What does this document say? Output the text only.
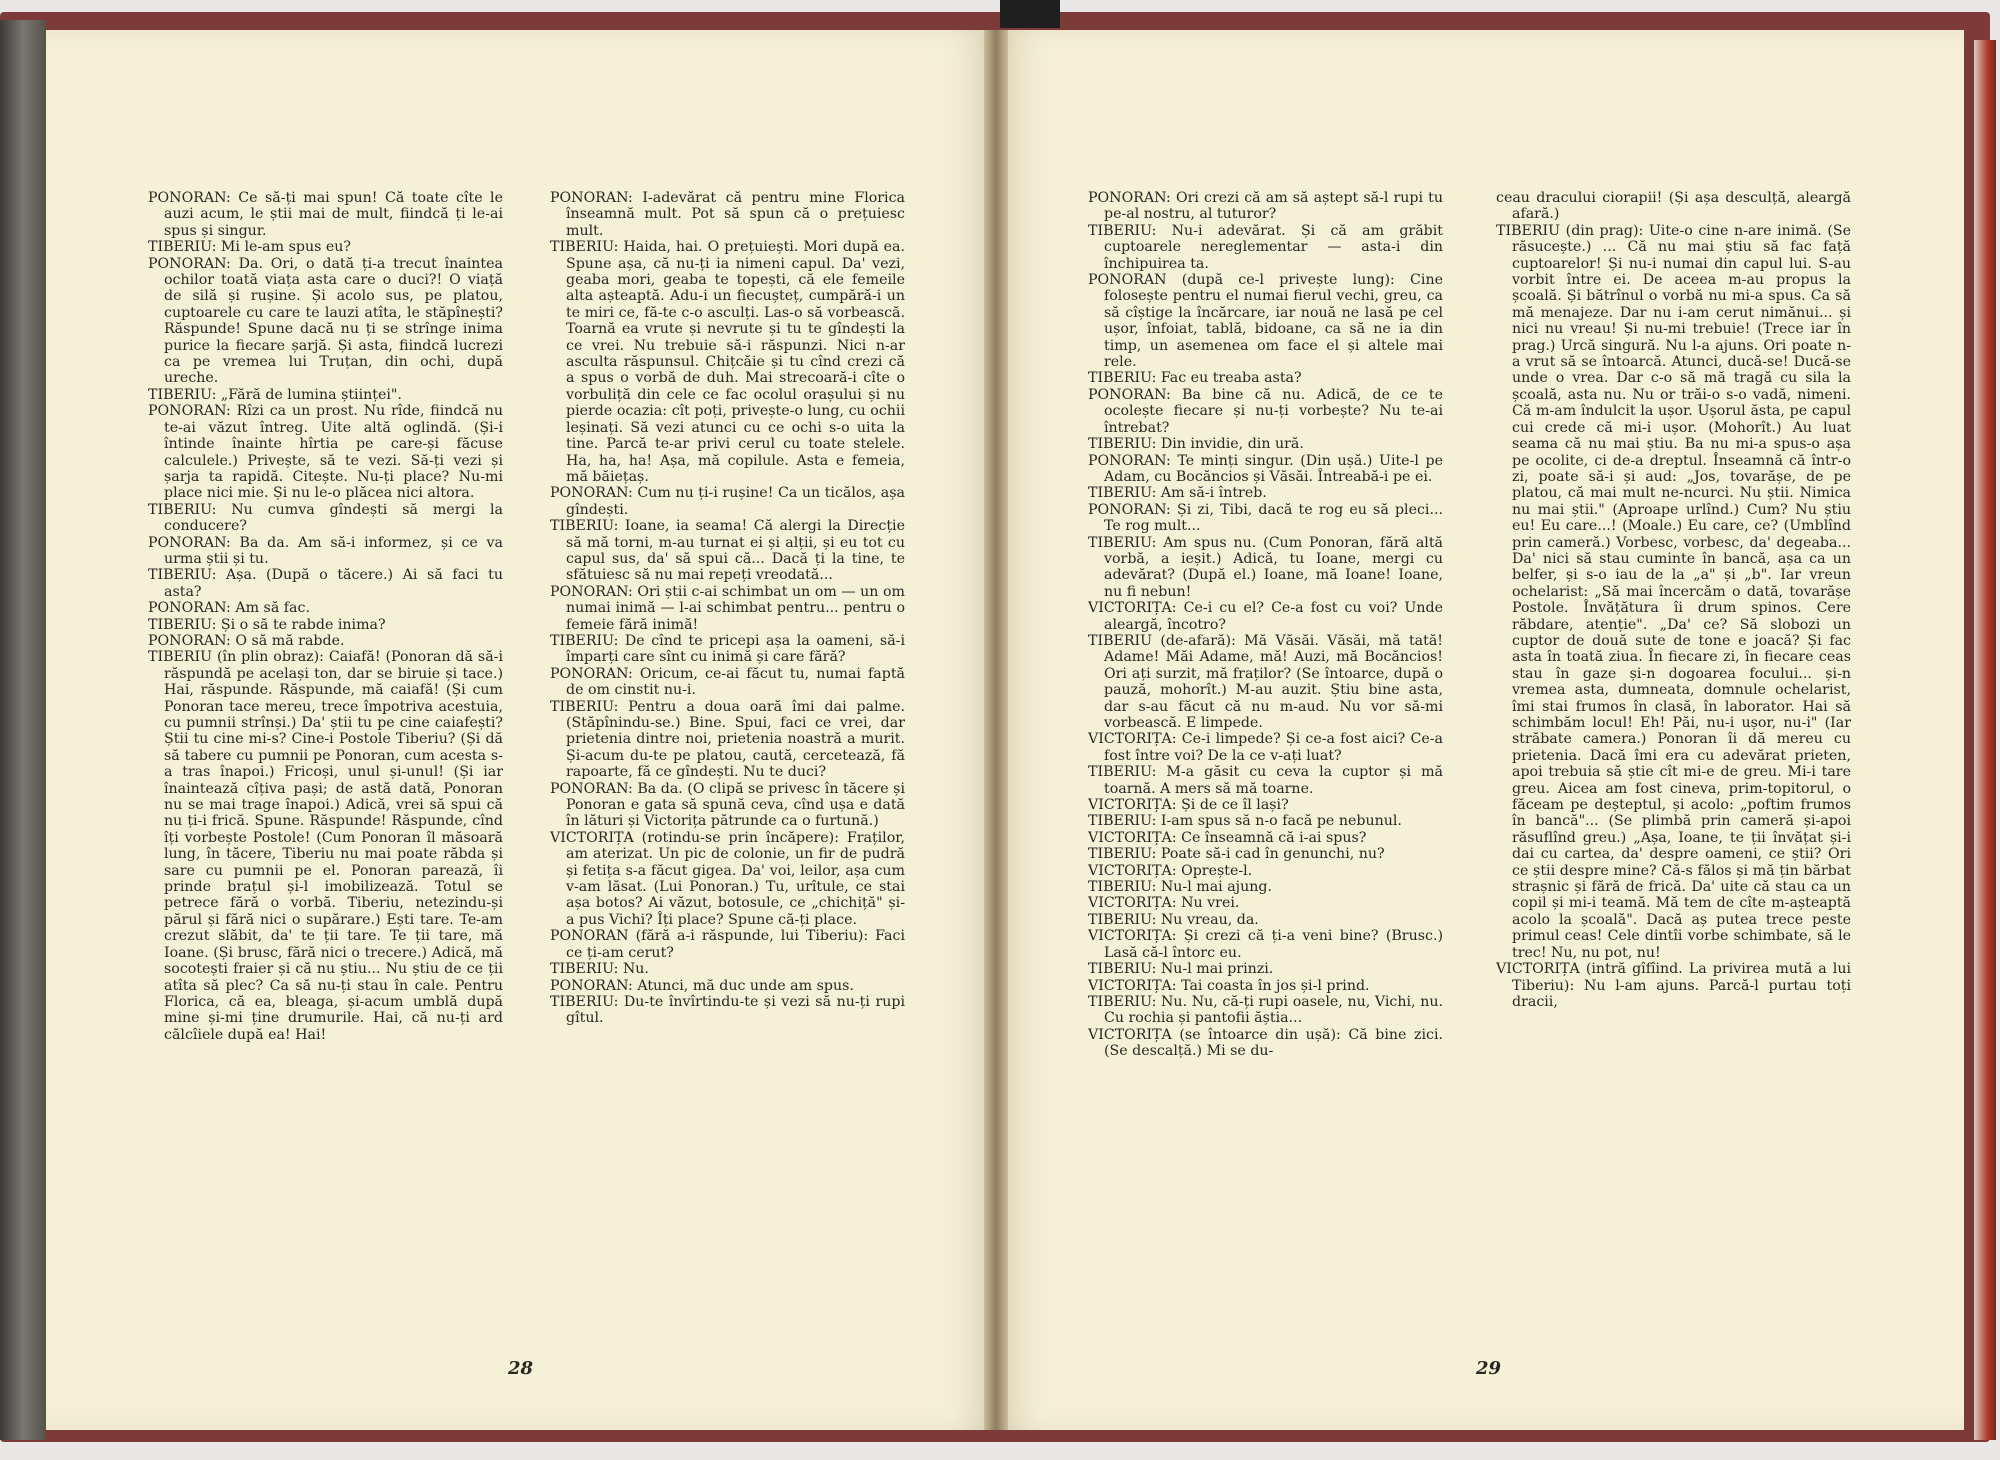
PONORAN: Ce să-ți mai spun! Că toate cîte le auzi acum, le știi mai de mult, fiindcă ți le-ai spus și singur.

TIBERIU: Mi le-am spus eu?

PONORAN: Da. Ori, o dată ți-a trecut înaintea ochilor toată viața asta care o duci?! O viață de silă și rușine. Și acolo sus, pe platou, cuptoarele cu care te lauzi atîta, le stăpînești? Răspunde! Spune dacă nu ți se strînge inima purice la fiecare șarjă. Și asta, fiindcă lucrezi ca pe vremea lui Truțan, din ochi, după ureche.

TIBERIU: „Fără de lumina științei".

PONORAN: Rîzi ca un prost. Nu rîde, fiindcă nu te-ai văzut întreg. Uite altă oglindă. (Și-i întinde înainte hîrtia pe care-și făcuse calculele.) Privește, să te vezi. Să-ți vezi și șarja ta rapidă. Citește. Nu-ți place? Nu-mi place nici mie. Și nu le-o plăcea nici altora.

TIBERIU: Nu cumva gîndești să mergi la conducere?

PONORAN: Ba da. Am să-i informez, și ce va urma știi și tu.

TIBERIU: Așa. (După o tăcere.) Ai să faci tu asta?

PONORAN: Am să fac.

TIBERIU: Și o să te rabde inima?

PONORAN: O să mă rabde.

TIBERIU (în plin obraz): Caiafă! (Ponoran dă să-i răspundă pe același ton, dar se biruie și tace.) Hai, răspunde. Răspunde, mă caiafă! (Și cum Ponoran tace mereu, trece împotriva acestuia, cu pumnii strînși.) Da' știi tu pe cine caiafești? Știi tu cine mi-s? Cine-i Postole Tiberiu? (Și dă să tabere cu pumnii pe Ponoran, cum acesta s-a tras înapoi.) Fricoși, unul și-unul! (Și iar înaintează cîțiva pași; de astă dată, Ponoran nu se mai trage înapoi.) Adică, vrei să spui că nu ți-i frică. Spune. Răspunde! Răspunde, cînd îți vorbește Postole! (Cum Ponoran îl măsoară lung, în tăcere, Tiberiu nu mai poate răbda și sare cu pumnii pe el. Ponoran parează, îi prinde brațul și-l imobilizează. Totul se petrece fără o vorbă. Tiberiu, netezindu-și părul și fără nici o supărare.) Ești tare. Te-am crezut slăbit, da' te ții tare. Te ții tare, mă Ioane. (Și brusc, fără nici o trecere.) Adică, mă socotești fraier și că nu știu... Nu știu de ce ții atîta să plec? Ca să nu-ți stau în cale. Pentru Florica, că ea, bleaga, și-acum umblă după mine și-mi ține drumurile. Hai, că nu-ți ard călcîiele după ea! Hai!

PONORAN: I-adevărat că pentru mine Florica înseamnă mult. Pot să spun că o prețuiesc mult.

TIBERIU: Haida, hai. O prețuiești. Mori după ea. Spune așa, că nu-ți ia nimeni capul. Da' vezi, geaba mori, geaba te topești, că ele femeile alta așteaptă. Adu-i un fiecușteț, cumpără-i un te miri ce, fă-te c-o asculți. Las-o să vorbească. Toarnă ea vrute și nevrute și tu te gîndești la ce vrei. Nu trebuie să-i răspunzi. Nici n-ar asculta răspunsul. Chițcăie și tu cînd crezi că a spus o vorbă de duh. Mai strecoară-i cîte o vorbuliță din cele ce fac ocolul orașului și nu pierde ocazia: cît poți, privește-o lung, cu ochii leșinați. Să vezi atunci cu ce ochi s-o uita la tine. Parcă te-ar privi cerul cu toate stelele. Ha, ha, ha! Așa, mă copilule. Asta e femeia, mă băiețaș.

PONORAN: Cum nu ți-i rușine! Ca un ticălos, așa gîndești.

TIBERIU: Ioane, ia seama! Că alergi la Direcție să mă torni, m-au turnat ei și alții, și eu tot cu capul sus, da' să spui că... Dacă ți la tine, te sfătuiesc să nu mai repeți vreodată...

PONORAN: Ori știi c-ai schimbat un om — un om numai inimă — l-ai schimbat pentru... pentru o femeie fără inimă!

TIBERIU: De cînd te pricepi așa la oameni, să-i împarți care sînt cu inimă și care fără?

PONORAN: Oricum, ce-ai făcut tu, numai faptă de om cinstit nu-i.

TIBERIU: Pentru a doua oară îmi dai palme. (Stăpînindu-se.) Bine. Spui, faci ce vrei, dar prietenia dintre noi, prietenia noastră a murit. Și-acum du-te pe platou, caută, cercetează, fă rapoarte, fă ce gîndești. Nu te duci?

PONORAN: Ba da. (O clipă se privesc în tăcere și Ponoran e gata să spună ceva, cînd ușa e dată în lături și Victorița pătrunde ca o furtună.)

VICTORIȚA (rotindu-se prin încăpere): Fraților, am aterizat. Un pic de colonie, un fir de pudră și fetița s-a făcut gigea. Da' voi, leilor, așa cum v-am lăsat. (Lui Ponoran.) Tu, urîtule, ce stai așa botos? Ai văzut, botosule, ce „chichiță" și-a pus Vichi? Îți place? Spune că-ți place.

PONORAN (fără a-i răspunde, lui Tiberiu): Faci ce ți-am cerut?

TIBERIU: Nu.

PONORAN: Atunci, mă duc unde am spus.

TIBERIU: Du-te învîrtindu-te și vezi să nu-ți rupi gîtul.

28

PONORAN: Ori crezi că am să aștept să-l rupi tu pe-al nostru, al tuturor?

TIBERIU: Nu-i adevărat. Și că am grăbit cuptoarele nereglementar — asta-i din închipuirea ta.

PONORAN (după ce-l privește lung): Cine folosește pentru el numai fierul vechi, greu, ca să cîștige la încărcare, iar nouă ne lasă pe cel ușor, înfoiat, tablă, bidoane, ca să ne ia din timp, un asemenea om face el și altele mai rele.

TIBERIU: Fac eu treaba asta?

PONORAN: Ba bine că nu. Adică, de ce te ocolește fiecare și nu-ți vorbește? Nu te-ai întrebat?

TIBERIU: Din invidie, din ură.

PONORAN: Te minți singur. (Din ușă.) Uite-l pe Adam, cu Bocăncios și Văsăi. Întreabă-i pe ei.

TIBERIU: Am să-i întreb.

PONORAN: Și zi, Tibi, dacă te rog eu să pleci... Te rog mult...

TIBERIU: Am spus nu. (Cum Ponoran, fără altă vorbă, a ieșit.) Adică, tu Ioane, mergi cu adevărat? (După el.) Ioane, mă Ioane! Ioane, nu fi nebun!

VICTORIȚA: Ce-i cu el? Ce-a fost cu voi? Unde aleargă, încotro?

TIBERIU (de-afară): Mă Văsăi. Văsăi, mă tată! Adame! Măi Adame, mă! Auzi, mă Bocăncios! Ori ați surzit, mă fraților? (Se întoarce, după o pauză, mohorît.) M-au auzit. Știu bine asta, dar s-au făcut că nu m-aud. Nu vor să-mi vorbească. E limpede.

VICTORIȚA: Ce-i limpede? Și ce-a fost aici? Ce-a fost între voi? De la ce v-ați luat?

TIBERIU: M-a găsit cu ceva la cuptor și mă toarnă. A mers să mă toarne.

VICTORIȚA: Și de ce îl lași?

TIBERIU: I-am spus să n-o facă pe nebunul.

VICTORIȚA: Ce înseamnă că i-ai spus?

TIBERIU: Poate să-i cad în genunchi, nu?

VICTORIȚA: Oprește-l.

TIBERIU: Nu-l mai ajung.

VICTORIȚA: Nu vrei.

TIBERIU: Nu vreau, da.

VICTORIȚA: Și crezi că ți-a veni bine? (Brusc.) Lasă că-l întorc eu.

TIBERIU: Nu-l mai prinzi.

VICTORIȚA: Tai coasta în jos și-l prind.

TIBERIU: Nu. Nu, că-ți rupi oasele, nu, Vichi, nu. Cu rochia și pantofii ăștia...

VICTORIȚA (se întoarce din ușă): Că bine zici. (Se descalță.) Mi se du-

ceau dracului ciorapii! (Și așa desculță, aleargă afară.)

TIBERIU (din prag): Uite-o cine n-are inimă. (Se răsucește.) ... Că nu mai știu să fac față cuptoarelor! Și nu-i numai din capul lui. S-au vorbit între ei. De aceea m-au propus la școală. Și bătrînul o vorbă nu mi-a spus. Ca să mă menajeze. Dar nu i-am cerut nimănui... și nici nu vreau! Și nu-mi trebuie! (Trece iar în prag.) Urcă singură. Nu l-a ajuns. Ori poate n-a vrut să se întoarcă. Atunci, ducă-se! Ducă-se unde o vrea. Dar c-o să mă tragă cu sila la școală, asta nu. Nu or trăi-o s-o vadă, nimeni. Că m-am îndulcit la ușor. Ușorul ăsta, pe capul cui crede că mi-i ușor. (Mohorît.) Au luat seama că nu mai știu. Ba nu mi-a spus-o așa pe ocolite, ci de-a dreptul. Înseamnă că într-o zi, poate să-i și aud: „Jos, tovarășe, de pe platou, că mai mult ne-ncurci. Nu știi. Nimica nu mai știi." (Aproape urlînd.) Cum? Nu știu eu! Eu care...! (Moale.) Eu care, ce? (Umblînd prin cameră.) Vorbesc, vorbesc, da' degeaba... Da' nici să stau cuminte în bancă, așa ca un belfer, și s-o iau de la „a" și „b". Iar vreun ochelarist: „Să mai încercăm o dată, tovarășe Postole. Învățătura îi drum spinos. Cere răbdare, atenție". „Da' ce? Să slobozi un cuptor de două sute de tone e joacă? Și fac asta în toată ziua. În fiecare zi, în fiecare ceas stau în gaze și-n dogoarea focului... și-n vremea asta, dumneata, domnule ochelarist, îmi stai frumos în clasă, în laborator. Hai să schimbăm locul! Eh! Păi, nu-i ușor, nu-i" (Iar străbate camera.) Ponoran îi dă mereu cu prietenia. Dacă îmi era cu adevărat prieten, apoi trebuia să știe cît mi-e de greu. Mi-i tare greu. Aicea am fost cineva, prim-topitorul, o făceam pe deșteptul, și acolo: „poftim frumos în bancă"... (Se plimbă prin cameră și-apoi răsuflînd greu.) „Așa, Ioane, te ții învățat și-i dai cu cartea, da' despre oameni, ce știi? Ori ce știi despre mine? Că-s fălos și mă țin bărbat strașnic și fără de frică. Da' uite că stau ca un copil și mi-i teamă. Mă tem de cîte m-așteaptă acolo la școală". Dacă aș putea trece peste primul ceas! Cele dintîi vorbe schimbate, să le trec! Nu, nu pot, nu!

VICTORIȚA (intră gîfîind. La privirea mută a lui Tiberiu): Nu l-am ajuns. Parcă-l purtau toți dracii,

29
